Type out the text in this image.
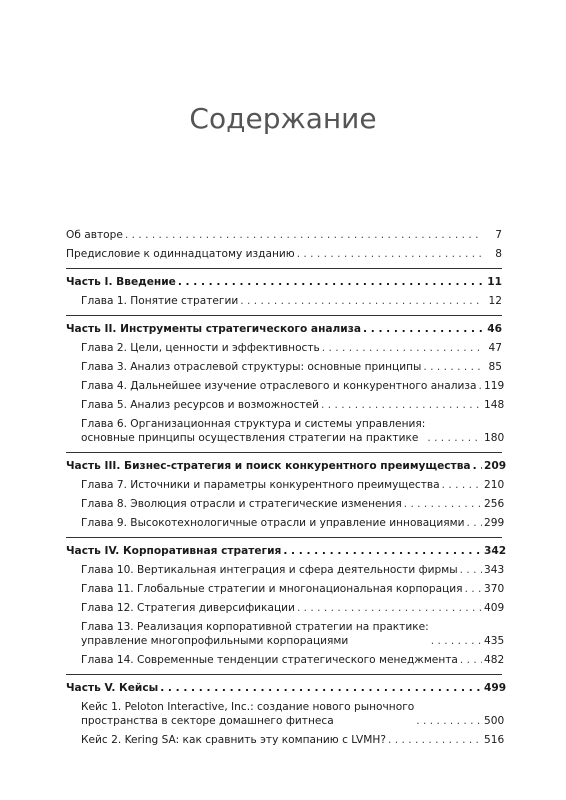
Содержание
Об авторе . . .	7
Предисловие к одиннадцатому изданию . . .	8
Часть I. Введение . . .	11
Глава 1. Понятие стратегии . . .	12
Часть II. Инструменты стратегического анализа . . .	46
Глава 2. Цели, ценности и эффективность . . .	47
Глава 3. Анализ отраслевой структуры: основные принципы . . .	85
Глава 4. Дальнейшее изучение отраслевого и конкурентного анализа . . . 119
Глава 5. Анализ ресурсов и возможностей . . .	148
Глава 6. Организационная структура и системы управления:
основные принципы осуществления стратегии на практике . . .	180
Часть III. Бизнес-стратегия и поиск конкурентного преимущества . . . 209
Глава 7. Источники и параметры конкурентного преимущества . . .	210
Глава 8. Эволюция отрасли и стратегические изменения . . .	256
Глава 9. Высокотехнологичные отрасли и управление инновациями . . . 299
Часть IV. Корпоративная стратегия . . .	342
Глава 10. Вертикальная интеграция и сфера деятельности фирмы . . . 343
Глава 11. Глобальные стратегии и многонациональная корпорация . . . 370
Глава 12. Стратегия диверсификации . . .	409
Глава 13. Реализация корпоративной стратегии на практике:
управление многопрофильными корпорациями . . .	435
Глава 14. Современные тенденции стратегического менеджмента . . . 482
Часть V. Кейсы . . .	499
Кейс 1. Peloton Interactive, Inc.: создание нового рыночного
пространства в секторе домашнего фитнеса . . .	500
Кейс 2. Kering SA: как сравнить эту компанию с LVMH? . . .	516
